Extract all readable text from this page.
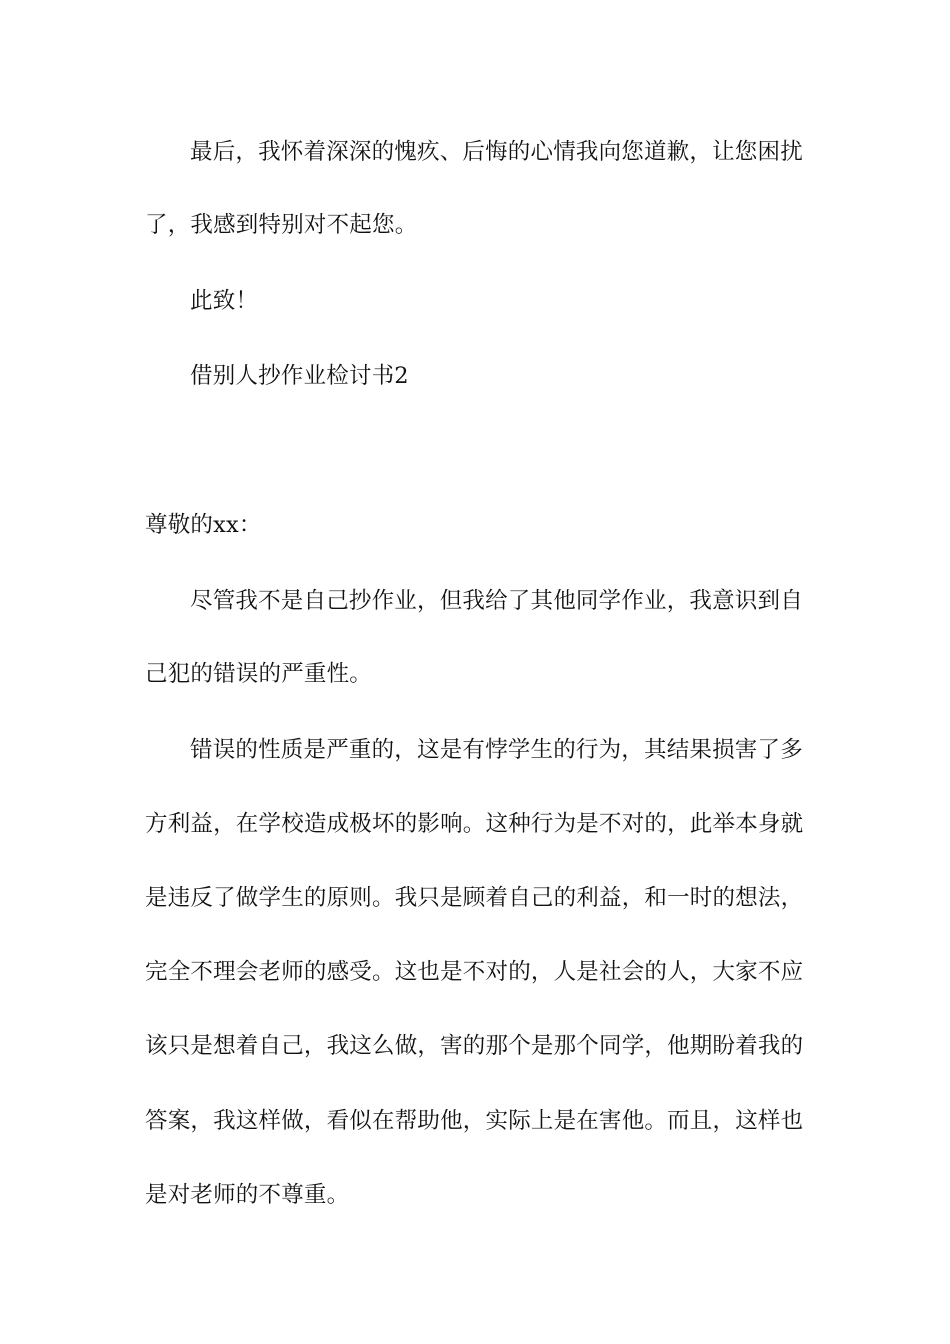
最后，我怀着深深的愧疚、后悔的心情我向您道歉，让您困扰
了，我感到特别对不起您。
此致！
借别人抄作业检讨书2
尊敬的xx：
尽管我不是自己抄作业，但我给了其他同学作业，我意识到自
己犯的错误的严重性。
错误的性质是严重的，这是有悖学生的行为，其结果损害了多
方利益，在学校造成极坏的影响。这种行为是不对的，此举本身就
是违反了做学生的原则。我只是顾着自己的利益，和一时的想法，
完全不理会老师的感受。这也是不对的，人是社会的人，大家不应
该只是想着自己，我这么做，害的那个是那个同学，他期盼着我的
答案，我这样做，看似在帮助他，实际上是在害他。而且，这样也
是对老师的不尊重。
